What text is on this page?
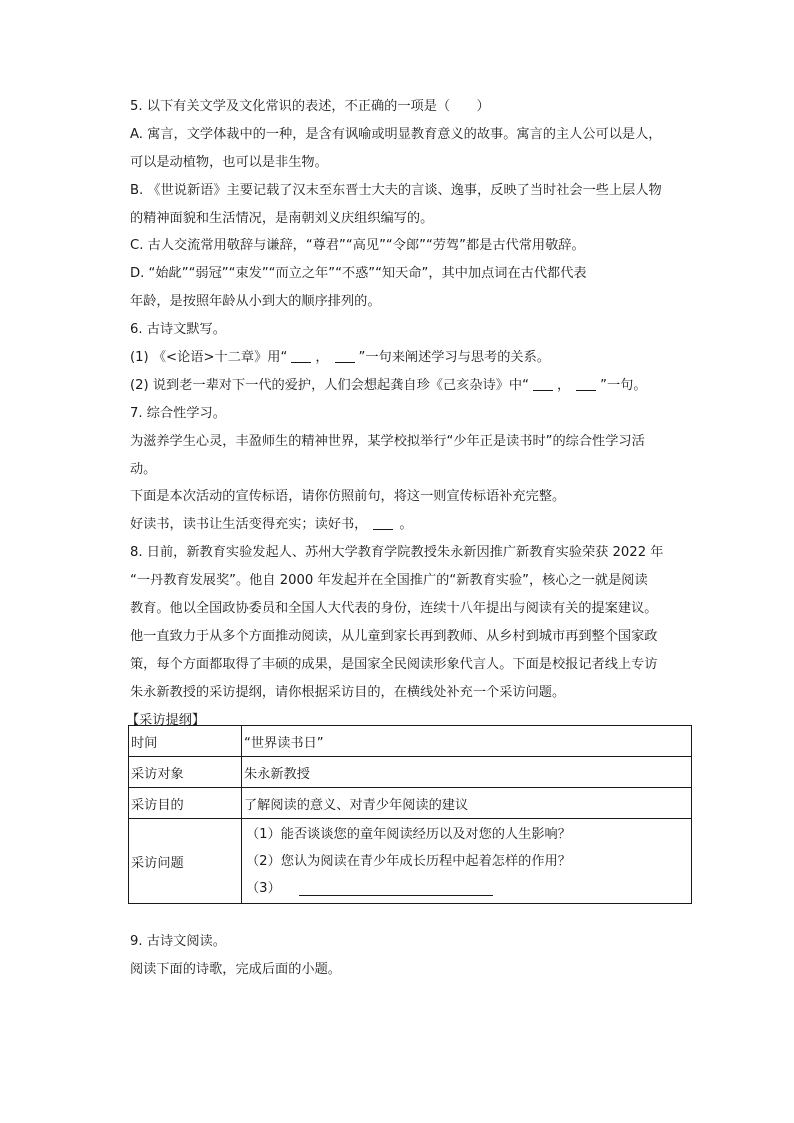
5. 以下有关文学及文化常识的表述，不正确的一项是（　　）
A. 寓言，文学体裁中的一种，是含有讽喻或明显教育意义的故事。寓言的主人公可以是人，
可以是动植物，也可以是非生物。
B. 《世说新语》主要记载了汉末至东晋士大夫的言谈、逸事，反映了当时社会一些上层人物
的精神面貌和生活情况，是南朝刘义庆组织编写的。
C. 古人交流常用敬辞与谦辞，“尊君”“高见”“令郎”“劳驾”都是古代常用敬辞。
D. “始龀”“弱冠”“束发”“而立之年”“不惑”“知天命”，其中加点词在古代都代表
年龄，是按照年龄从小到大的顺序排列的。
6. 古诗文默写。
(1) 《<论语>十二章》用“ ， ”一句来阐述学习与思考的关系。
(2) 说到老一辈对下一代的爱护，人们会想起龚自珍《己亥杂诗》中“ ， ”一句。
7. 综合性学习。
为滋养学生心灵，丰盈师生的精神世界，某学校拟举行“少年正是读书时”的综合性学习活
动。
下面是本次活动的宣传标语，请你仿照前句，将这一则宣传标语补充完整。
好读书，读书让生活变得充实；读好书， 。
8. 日前，新教育实验发起人、苏州大学教育学院教授朱永新因推广新教育实验荣获 2022 年
“一丹教育发展奖”。他自 2000 年发起并在全国推广的“新教育实验”，核心之一就是阅读
教育。他以全国政协委员和全国人大代表的身份，连续十八年提出与阅读有关的提案建议。
他一直致力于从多个方面推动阅读，从儿童到家长再到教师、从乡村到城市再到整个国家政
策，每个方面都取得了丰硕的成果，是国家全民阅读形象代言人。下面是校报记者线上专访
朱永新教授的采访提纲，请你根据采访目的，在横线处补充一个采访问题。
【采访提纲】
时间	“世界读书日”
采访对象	朱永新教授
采访目的	了解阅读的意义、对青少年阅读的建议
采访问题	（1）能否谈谈您的童年阅读经历以及对您的人生影响？
（2）您认为阅读在青少年成长历程中起着怎样的作用？
（3）
9. 古诗文阅读。
阅读下面的诗歌，完成后面的小题。
